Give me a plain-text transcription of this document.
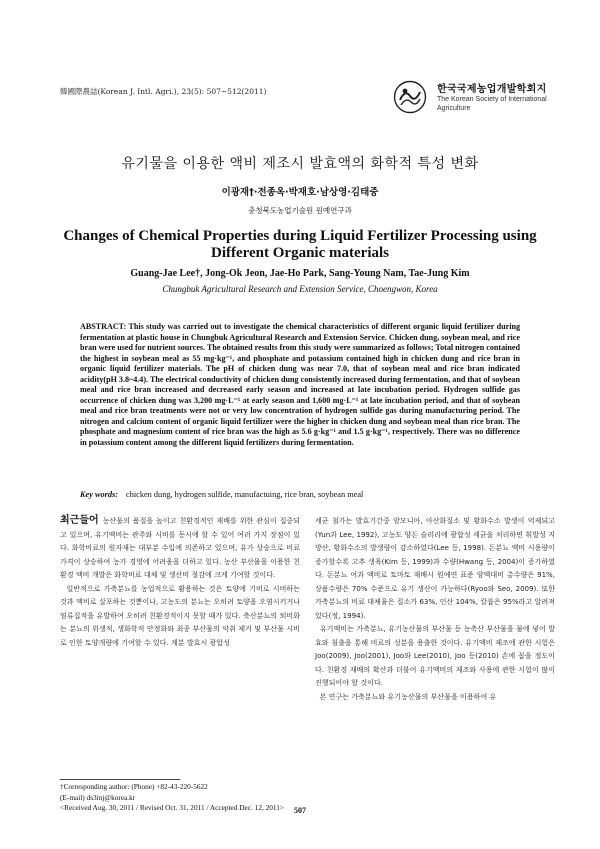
韓國際農誌(Korean J. Intl. Agri.), 23(5): 507~512(2011)	한국국제농업개발학회지
The Korean Society of International
Agriculture
유기물을 이용한 액비 제조시 발효액의 화학적 특성 변화
이광재†·전종옥·박재호·남상영·김태중
충청북도농업기술원 원예연구과
Changes of Chemical Properties during Liquid Fertilizer Processing using Different Organic materials
Guang-Jae Lee†, Jong-Ok Jeon, Jae-Ho Park, Sang-Young Nam, Tae-Jung Kim
Chungbuk Agricultural Research and Extension Service, Choengwon, Korea
ABSTRACT: This study was carried out to investigate the chemical characteristics of different organic liquid fertilizer during fermentation at plastic house in Chungbuk Agricultural Research and Extension Service. Chicken dung, soybean meal, and rice bran were used for nutrient sources. The obtained results from this study were summarized as follows; Total nitrogen contained the highest in soybean meal as 55 mg·kg⁻¹, and phosphate and potassium contained high in chicken dung and rice bran in organic liquid fertilizer materials. The pH of chicken dung was near 7.0, that of soybean meal and rice bran indicated acidity(pH 3.8~4.4). The electrical conductivity of chicken dung consistently increased during fermentation, and that of soybean meal and rice bran increased and decreased early season and increased at late incubation period. Hydrogen sulfide gas occurrence of chicken dung was 3,200 mg·L⁻¹ at early season and 1,600 mg·L⁻¹ at late incubation period, and that of soybean meal and rice bran treatments were not or very low concentration of hydrogen sulfide gas during manufacturing period. The nitrogen and calcium content of organic liquid fertilizer were the higher in chicken dung and soybean meal than rice bran. The phosphate and magnesium content of rice bran was the high as 5.6 g·kg⁻¹ and 1.5 g·kg⁻¹, respectively. There was no difference in potassium content among the different liquid fertilizers during fermentation.
Key words: chicken dung, hydrogen sulfide, manufactuing, rice bran, soybean meal

최근들어 농산물의 품질을 높이고 친환경적인 재배를 위한 관심이 집중되고 있으며, 유기액비는 관주와 시비를 동시에 할 수 있어 여러 가지 장점이 있다. 화학비료의 원자재는 대부분 수입에 의존하고 있으며, 유가 상승으로 비료 가격이 상승하여 농가 경영에 어려움을 더하고 있다. 농산 부산물을 이용한 친환경 액비 개발은 화학비료 대체 및 생산비 절감에 크게 기여할 것이다.

일반적으로 가축분뇨를 농업적으로 활용하는 것은 토양에 기비로 시비하는 것과 액비로 살포하는 것뿐이나, 고농도의 분뇨는 오히려 토양을 오염시키거나 염류집적을 유발하여 오히려 친환경적이지 못할 때가 있다. 축산분뇨의 퇴비화는 분뇨의 위생적, 생화학적 안정화와 최종 부산물의 악취 제거 및 부산물 시비로 인한 토양개량에 기여할 수 있다. 계분 발효시 광합성

세균 첨가는 발효기간중 암모니아, 아산화질소 및 황화수소 발생이 억제되고(Yun과 Lee, 1992), 고농도 양돈 슬러리에 광합성 세균을 처리하면 휘발성 지방산, 황화수소의 발생량이 감소하였다(Lee 등, 1998). 돈분뇨 액비 시용량이 증가할수록 고추 생육(Kim 등, 1999)과 수량(Hwang 등, 2004)이 증가하였다. 돈분뇨 여과 액비로 토마토 재배시 원예연 표준 양액대비 총수량은 91%, 상품수량은 70% 수준으로 유기 생산이 가능하다(Ryoo와 Seo, 2009). 또한 가축분뇨의 비료 대체율은 질소가 63%, 인산 104%, 칼륨은 95%라고 알려져 있다(정, 1994).

유기액비는 가축분뇨, 유기농산물의 부산물 등 농축산 부산물을 물에 넣어 발효와 침출을 통해 비료의 성분을 용출한 것이다. 유기액비 제조에 관한 시험은 Joo(2009), Joo(2001), Joo와 Lee(2010), Joo 등(2010) 손에 꼽을 정도이다. 친환경 재배의 확산과 더불어 유기액비의 제조와 사용에 관한 시험이 많이 진행되어야 할 것이다.

본 연구는 가축분뇨와 유기농산물의 부산물을 이용하여 유

†Corresponding author: (Phone) +82-43-220-5622
(E-mail) ds3inj@korea.kr
<Received Aug. 30, 2011 / Revised Oct. 31, 2011 / Accepted Dec. 12, 2011>	507
